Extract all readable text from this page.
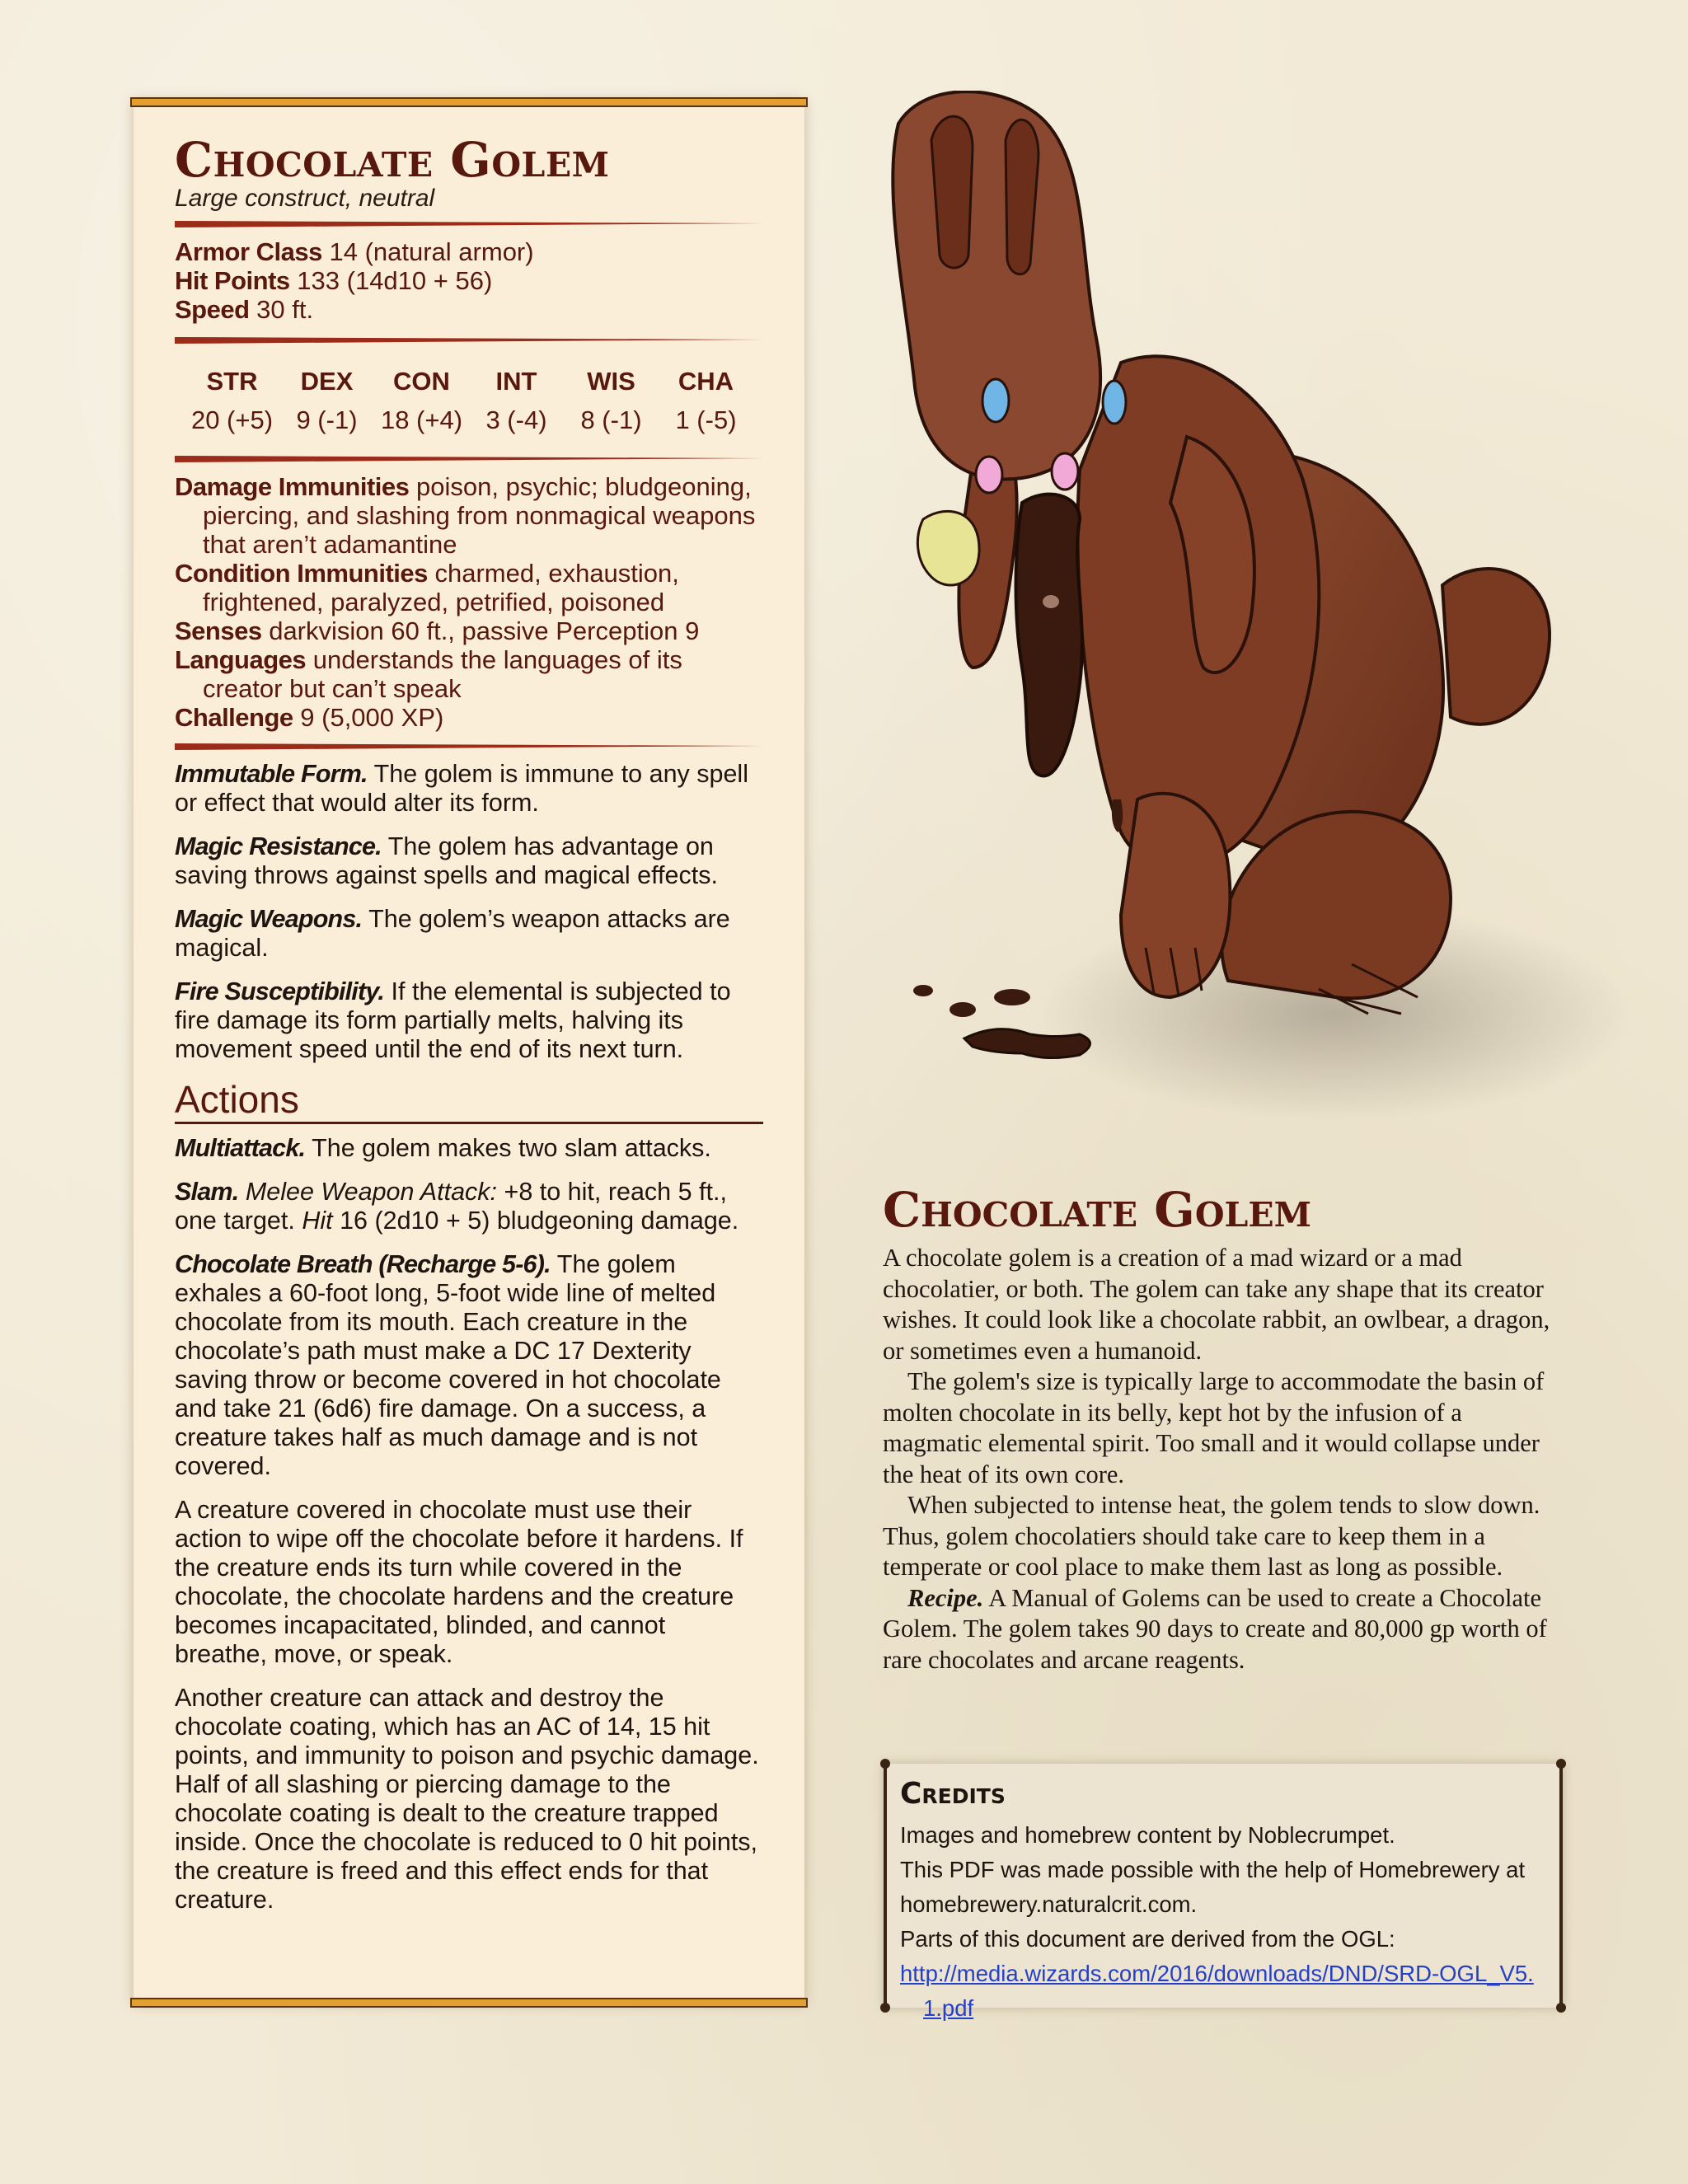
Chocolate Golem
Large construct, neutral
Armor Class 14 (natural armor)
Hit Points 133 (14d10 + 56)
Speed 30 ft.
STR
20 (+5)
DEX
9 (-1)
CON
18 (+4)
INT
3 (-4)
WIS
8 (-1)
CHA
1 (-5)
Damage Immunities poison, psychic; bludgeoning, piercing, and slashing from nonmagical weapons that aren’t adamantine
Condition Immunities charmed, exhaustion, frightened, paralyzed, petrified, poisoned
Senses darkvision 60 ft., passive Perception 9
Languages understands the languages of its creator but can’t speak
Challenge 9 (5,000 XP)
Immutable Form. The golem is immune to any spell or effect that would alter its form.
Magic Resistance. The golem has advantage on saving throws against spells and magical effects.
Magic Weapons. The golem’s weapon attacks are magical.
Fire Susceptibility. If the elemental is subjected to fire damage its form partially melts, halving its movement speed until the end of its next turn.
Actions
Multiattack. The golem makes two slam attacks.
Slam. Melee Weapon Attack: +8 to hit, reach 5 ft., one target. Hit 16 (2d10 + 5) bludgeoning damage.
Chocolate Breath (Recharge 5-6). The golem exhales a 60-foot long, 5-foot wide line of melted chocolate from its mouth. Each creature in the chocolate’s path must make a DC 17 Dexterity saving throw or become covered in hot chocolate and take 21 (6d6) fire damage. On a success, a creature takes half as much damage and is not covered.
A creature covered in chocolate must use their action to wipe off the chocolate before it hardens. If the creature ends its turn while covered in the chocolate, the chocolate hardens and the creature becomes incapacitated, blinded, and cannot breathe, move, or speak.
Another creature can attack and destroy the chocolate coating, which has an AC of 14, 15 hit points, and immunity to poison and psychic damage. Half of all slashing or piercing damage to the chocolate coating is dealt to the creature trapped inside. Once the chocolate is reduced to 0 hit points, the creature is freed and this effect ends for that creature.
Chocolate Golem

A chocolate golem is a creation of a mad wizard or a mad chocolatier, or both. The golem can take any shape that its creator wishes. It could look like a chocolate rabbit, an owlbear, a dragon, or sometimes even a humanoid.

The golem's size is typically large to accommodate the basin of molten chocolate in its belly, kept hot by the infusion of a magmatic elemental spirit. Too small and it would collapse under the heat of its own core.

When subjected to intense heat, the golem tends to slow down. Thus, golem chocolatiers should take care to keep them in a temperate or cool place to make them last as long as possible.

Recipe. A Manual of Golems can be used to create a Chocolate Golem. The golem takes 90 days to create and 80,000 gp worth of rare chocolates and arcane reagents.

Credits
Images and homebrew content by Noblecrumpet.
This PDF was made possible with the help of Homebrewery at homebrewery.naturalcrit.com.
Parts of this document are derived from the OGL:
http://media.wizards.com/2016/downloads/DND/SRD-OGL_V5.1.pdf
